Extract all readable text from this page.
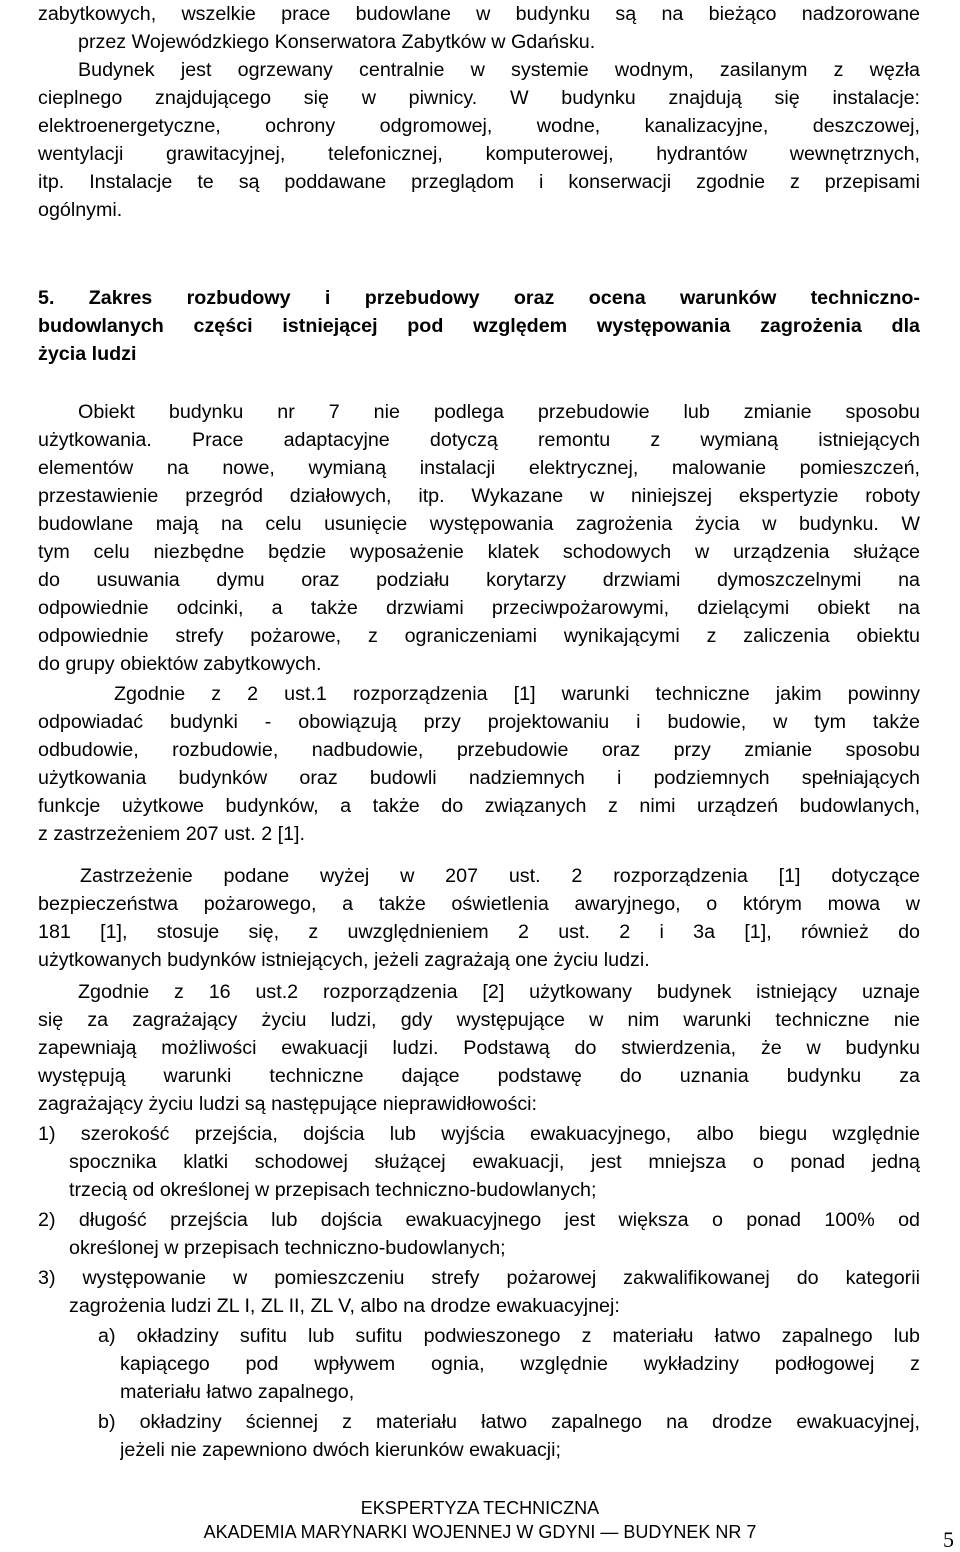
zabytkowych, wszelkie prace budowlane w budynku są na bieżąco nadzorowane
przez Wojewódzkiego Konserwatora Zabytków w Gdańsku.
Budynek jest ogrzewany centralnie w systemie wodnym, zasilanym z węzła
cieplnego znajdującego się w piwnicy. W budynku znajdują się instalacje:
elektroenergetyczne, ochrony odgromowej, wodne, kanalizacyjne, deszczowej,
wentylacji grawitacyjnej, telefonicznej, komputerowej, hydrantów wewnętrznych,
itp. Instalacje te są poddawane przeglądom i konserwacji zgodnie z przepisami
ogólnymi.
5. Zakres rozbudowy i przebudowy oraz ocena warunków techniczno-
budowlanych części istniejącej pod względem występowania zagrożenia dla
życia ludzi
Obiekt budynku nr 7 nie podlega przebudowie lub zmianie sposobu
użytkowania. Prace adaptacyjne dotyczą remontu z wymianą istniejących
elementów na nowe, wymianą instalacji elektrycznej, malowanie pomieszczeń,
przestawienie przegród działowych, itp. Wykazane w niniejszej ekspertyzie roboty
budowlane mają na celu usunięcie występowania zagrożenia życia w budynku. W
tym celu niezbędne będzie wyposażenie klatek schodowych w urządzenia służące
do usuwania dymu oraz podziału korytarzy drzwiami dymoszczelnymi na
odpowiednie odcinki, a także drzwiami przeciwpożarowymi, dzielącymi obiekt na
odpowiednie strefy pożarowe, z ograniczeniami wynikającymi z zaliczenia obiektu
do grupy obiektów zabytkowych.
Zgodnie z 2 ust.1 rozporządzenia [1] warunki techniczne jakim powinny
odpowiadać budynki - obowiązują przy projektowaniu i budowie, w tym także
odbudowie, rozbudowie, nadbudowie, przebudowie oraz przy zmianie sposobu
użytkowania budynków oraz budowli nadziemnych i podziemnych spełniających
funkcje użytkowe budynków, a także do związanych z nimi urządzeń budowlanych,
z zastrzeżeniem 207 ust. 2 [1].
Zastrzeżenie podane wyżej w 207 ust. 2 rozporządzenia [1] dotyczące
bezpieczeństwa pożarowego, a także oświetlenia awaryjnego, o którym mowa w
181 [1], stosuje się, z uwzględnieniem 2 ust. 2 i 3a [1], również do
użytkowanych budynków istniejących, jeżeli zagrażają one życiu ludzi.
Zgodnie z 16 ust.2 rozporządzenia [2] użytkowany budynek istniejący uznaje
się za zagrażający życiu ludzi, gdy występujące w nim warunki techniczne nie
zapewniają możliwości ewakuacji ludzi. Podstawą do stwierdzenia, że w budynku
występują warunki techniczne dające podstawę do uznania budynku za
zagrażający życiu ludzi są następujące nieprawidłowości:
1) szerokość przejścia, dojścia lub wyjścia ewakuacyjnego, albo biegu względnie
spocznika klatki schodowej służącej ewakuacji, jest mniejsza o ponad jedną
trzecią od określonej w przepisach techniczno-budowlanych;
2) długość przejścia lub dojścia ewakuacyjnego jest większa o ponad 100% od
określonej w przepisach techniczno-budowlanych;
3) występowanie w pomieszczeniu strefy pożarowej zakwalifikowanej do kategorii
zagrożenia ludzi ZL I, ZL II, ZL V, albo na drodze ewakuacyjnej:
a) okładziny sufitu lub sufitu podwieszonego z materiału łatwo zapalnego lub
kapiącego pod wpływem ognia, względnie wykładziny podłogowej z
materiału łatwo zapalnego,
b) okładziny ściennej z materiału łatwo zapalnego na drodze ewakuacyjnej,
jeżeli nie zapewniono dwóch kierunków ewakuacji;
EKSPERTYZA TECHNICZNA
AKADEMIA MARYNARKI WOJENNEJ W GDYNI — BUDYNEK NR 7	5
